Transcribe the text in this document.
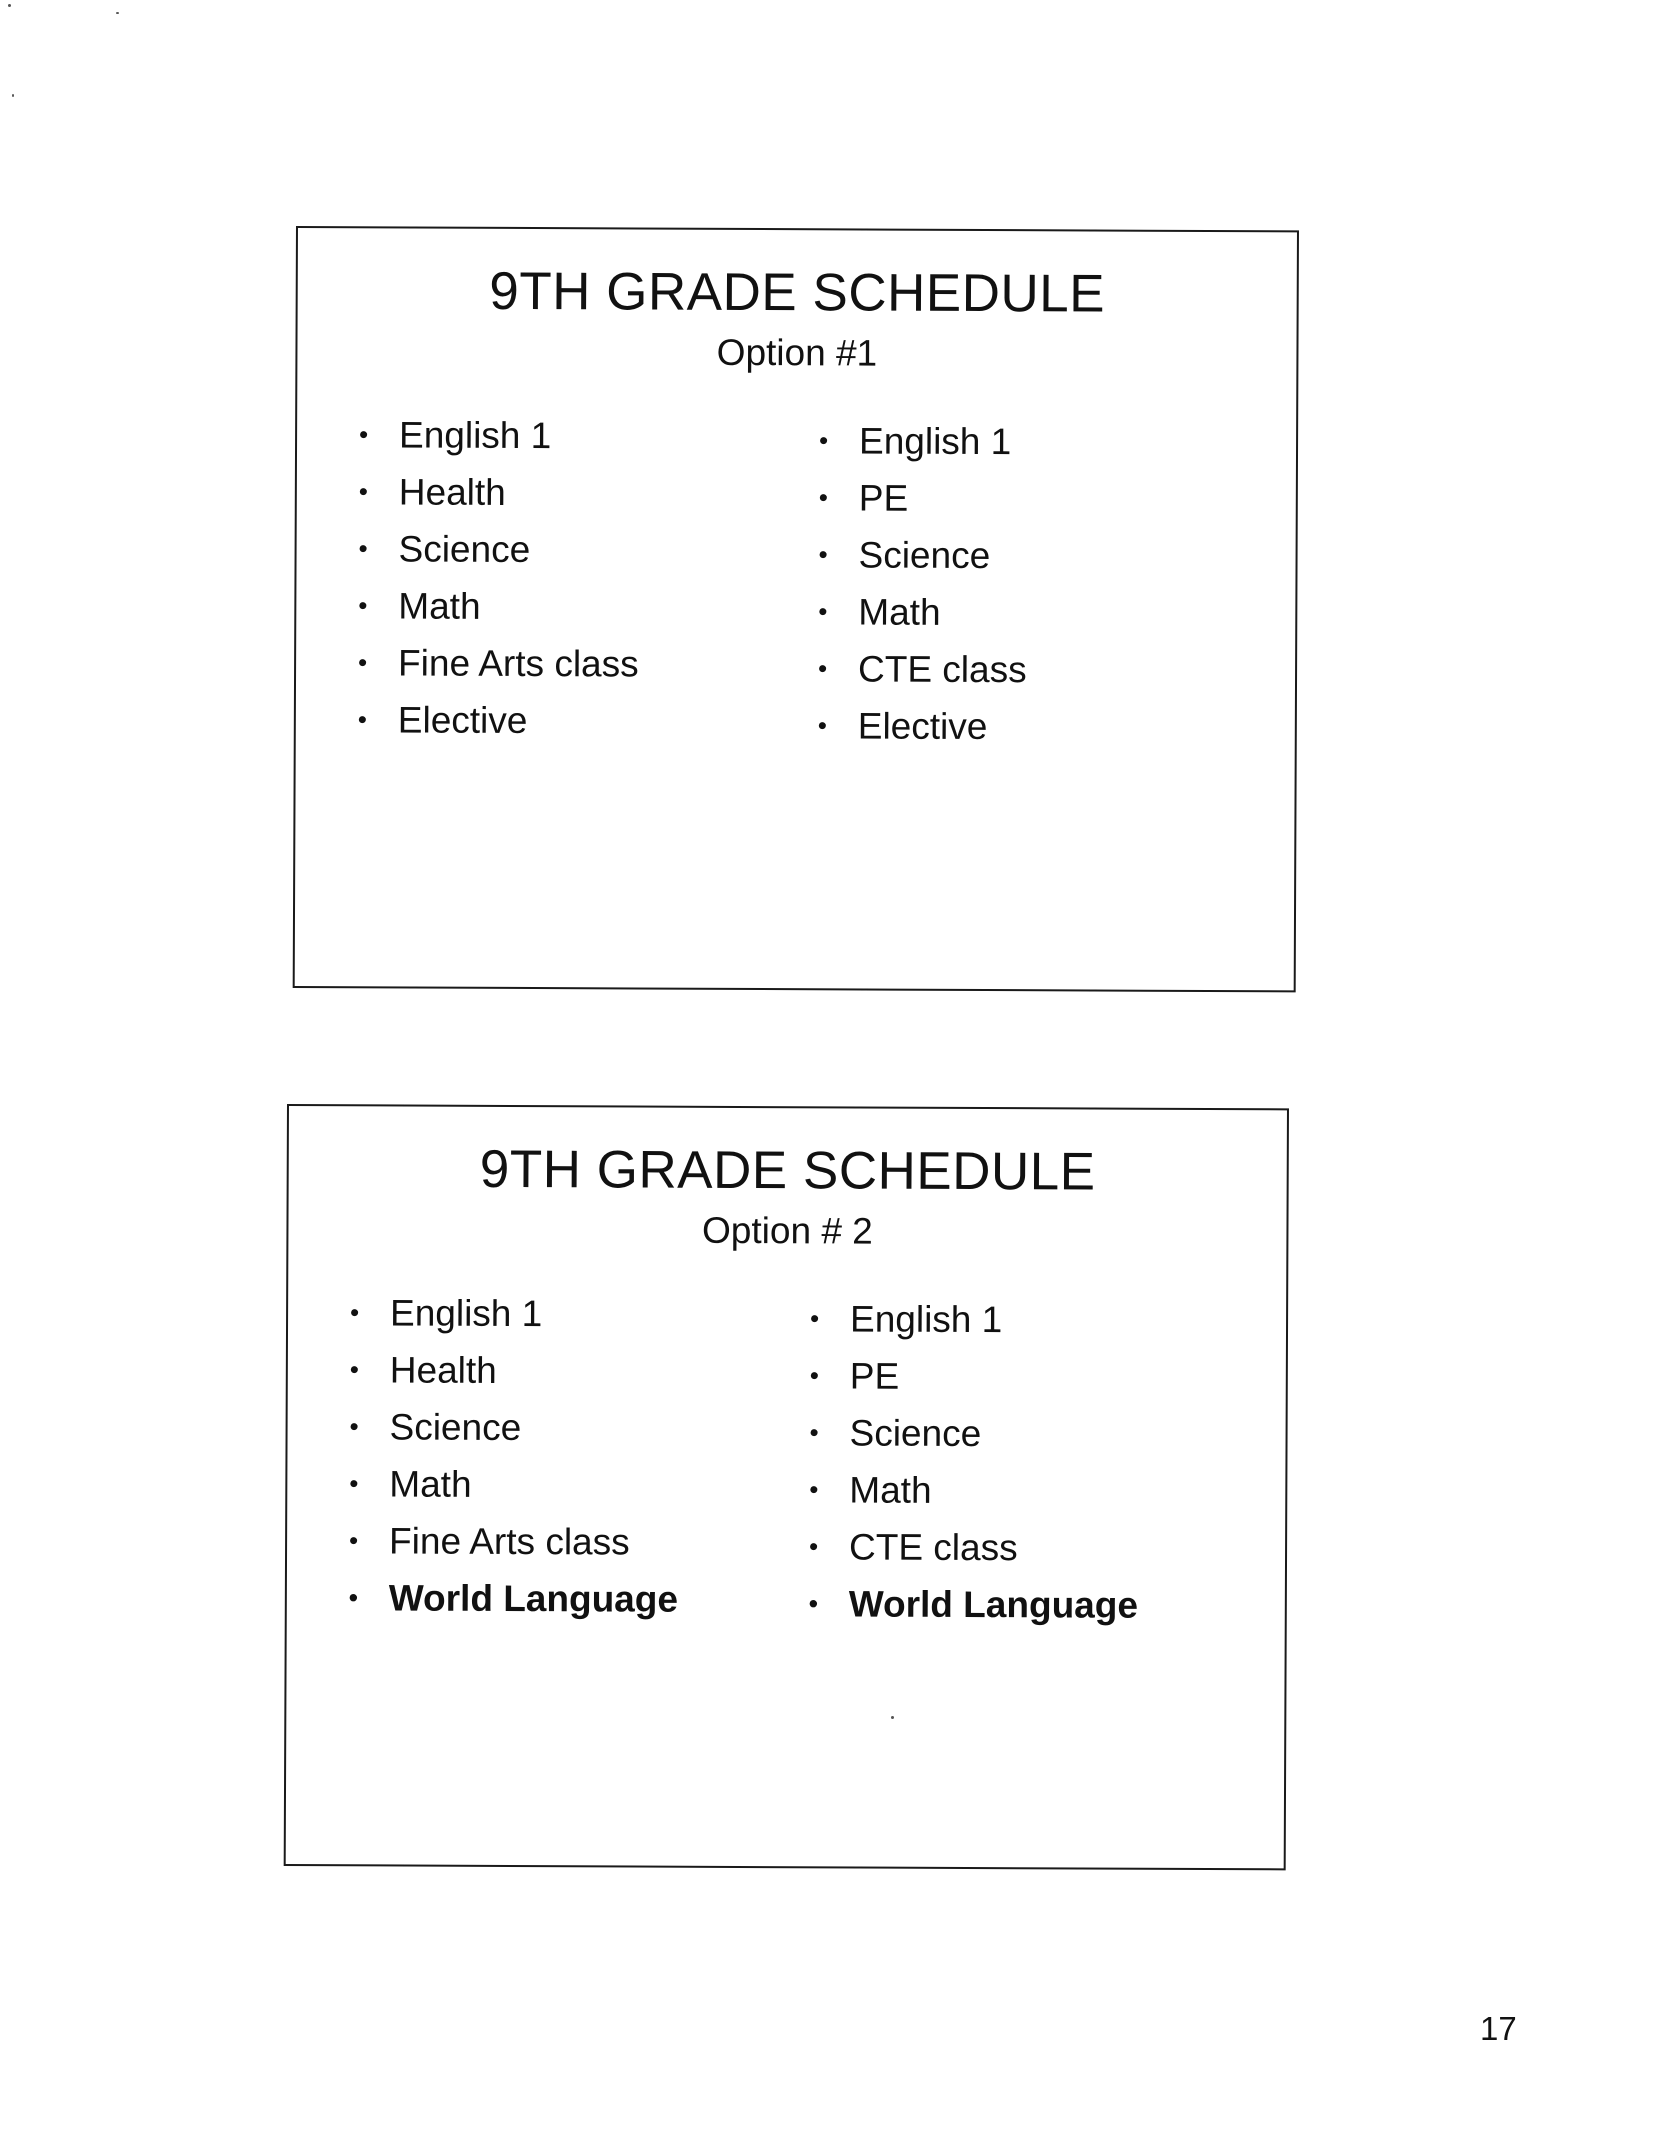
9TH GRADE SCHEDULE
Option #1
• English 1
• Health
• Science
• Math
• Fine Arts class
• Elective
• English 1
• PE
• Science
• Math
• CTE class
• Elective
9TH GRADE SCHEDULE
Option # 2
• English 1
• Health
• Science
• Math
• Fine Arts class
• World Language
• English 1
• PE
• Science
• Math
• CTE class
• World Language
17
